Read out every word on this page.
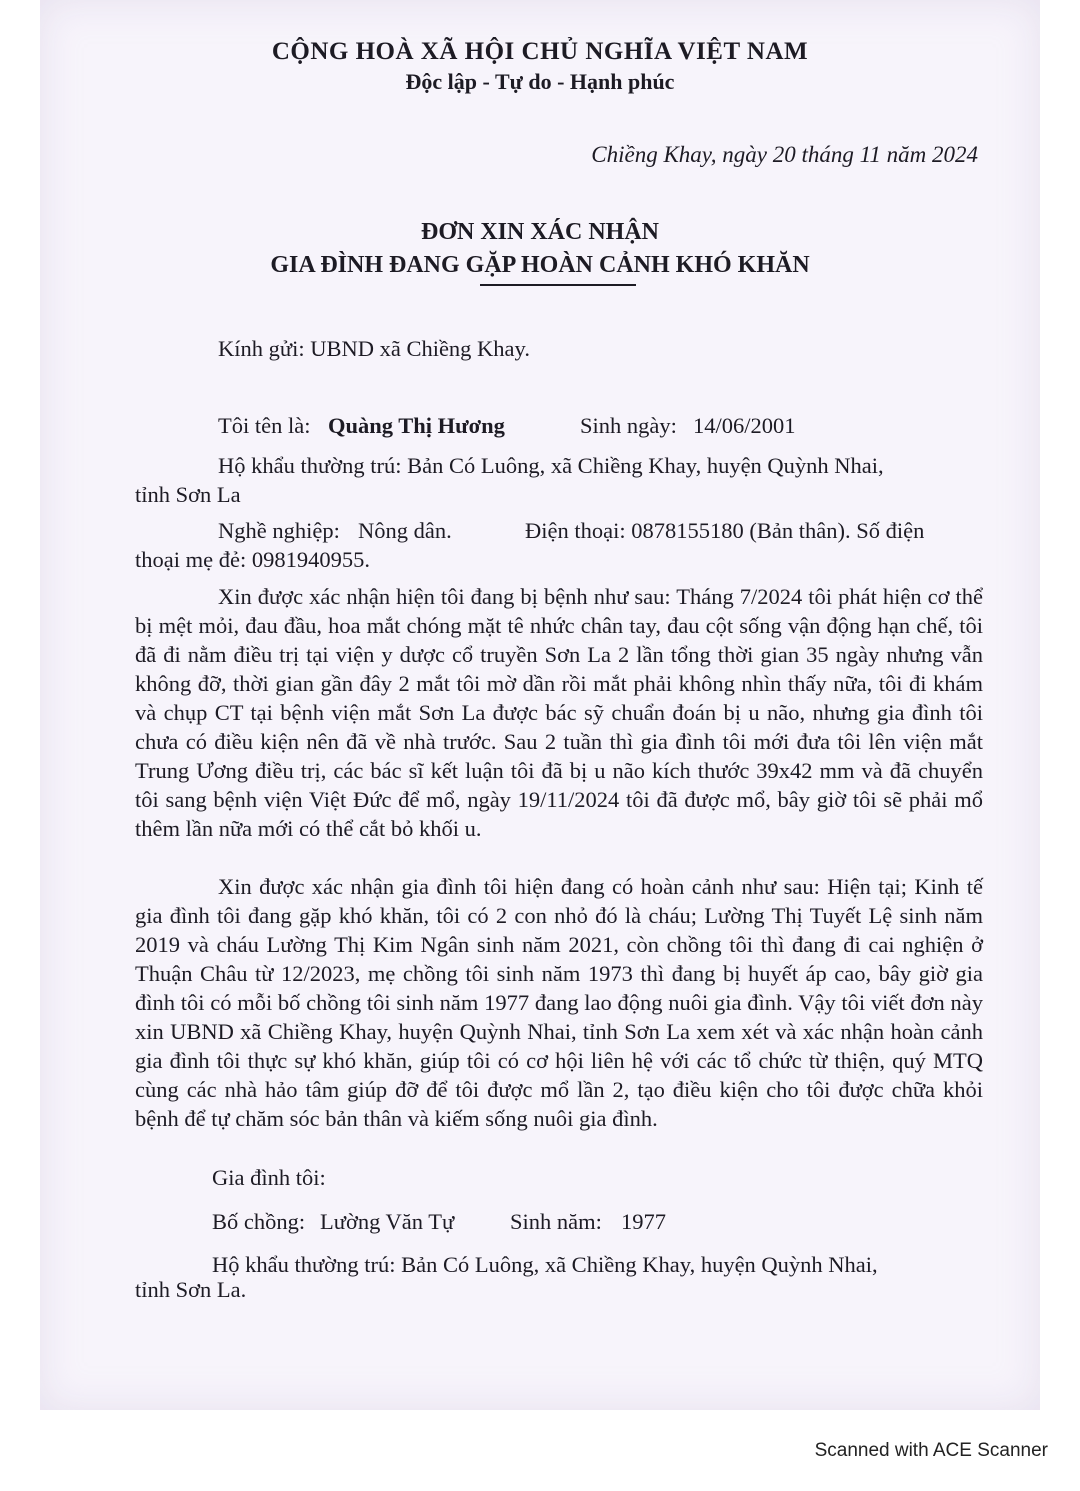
CỘNG HOÀ XÃ HỘI CHỦ NGHĨA VIỆT NAM
Độc lập - Tự do - Hạnh phúc
Chiềng Khay, ngày 20 tháng 11 năm 2024
ĐƠN XIN XÁC NHẬN
GIA ĐÌNH ĐANG GẶP HOÀN CẢNH KHÓ KHĂN
Kính gửi: UBND xã Chiềng Khay.
Tôi tên là: Quàng Thị Hương	Sinh ngày: 14/06/2001
Hộ khẩu thường trú: Bản Có Luông, xã Chiềng Khay, huyện Quỳnh Nhai,
tỉnh Sơn La
Nghề nghiệp: Nông dân.	Điện thoại: 0878155180 (Bản thân). Số điện
thoại mẹ đẻ: 0981940955.
Xin được xác nhận hiện tôi đang bị bệnh như sau: Tháng 7/2024 tôi phát hiện cơ thể bị mệt mỏi, đau đầu, hoa mắt chóng mặt tê nhức chân tay, đau cột sống vận động hạn chế, tôi đã đi nằm điều trị tại viện y dược cổ truyền Sơn La 2 lần tổng thời gian 35 ngày nhưng vẫn không đỡ, thời gian gần đây 2 mắt tôi mờ dần rồi mắt phải không nhìn thấy nữa, tôi đi khám và chụp CT tại bệnh viện mắt Sơn La được bác sỹ chuẩn đoán bị u não, nhưng gia đình tôi chưa có điều kiện nên đã về nhà trước. Sau 2 tuần thì gia đình tôi mới đưa tôi lên viện mắt Trung Ương điều trị, các bác sĩ kết luận tôi đã bị u não kích thước 39x42 mm và đã chuyển tôi sang bệnh viện Việt Đức để mổ, ngày 19/11/2024 tôi đã được mổ, bây giờ tôi sẽ phải mổ thêm lần nữa mới có thể cắt bỏ khối u.
Xin được xác nhận gia đình tôi hiện đang có hoàn cảnh như sau: Hiện tại; Kinh tế gia đình tôi đang gặp khó khăn, tôi có 2 con nhỏ đó là cháu; Lường Thị Tuyết Lệ sinh năm 2019 và cháu Lường Thị Kim Ngân sinh năm 2021, còn chồng tôi thì đang đi cai nghiện ở Thuận Châu từ 12/2023, mẹ chồng tôi sinh năm 1973 thì đang bị huyết áp cao, bây giờ gia đình tôi có mỗi bố chồng tôi sinh năm 1977 đang lao động nuôi gia đình. Vậy tôi viết đơn này xin UBND xã Chiềng Khay, huyện Quỳnh Nhai, tỉnh Sơn La xem xét và xác nhận hoàn cảnh gia đình tôi thực sự khó khăn, giúp tôi có cơ hội liên hệ với các tổ chức từ thiện, quý MTQ cùng các nhà hảo tâm giúp đỡ để tôi được mổ lần 2, tạo điều kiện cho tôi được chữa khỏi bệnh để tự chăm sóc bản thân và kiếm sống nuôi gia đình.
Gia đình tôi:
Bố chồng: Lường Văn Tự Sinh năm: 1977
Hộ khẩu thường trú: Bản Có Luông, xã Chiềng Khay, huyện Quỳnh Nhai,
tỉnh Sơn La.
Scanned with ACE Scanner
